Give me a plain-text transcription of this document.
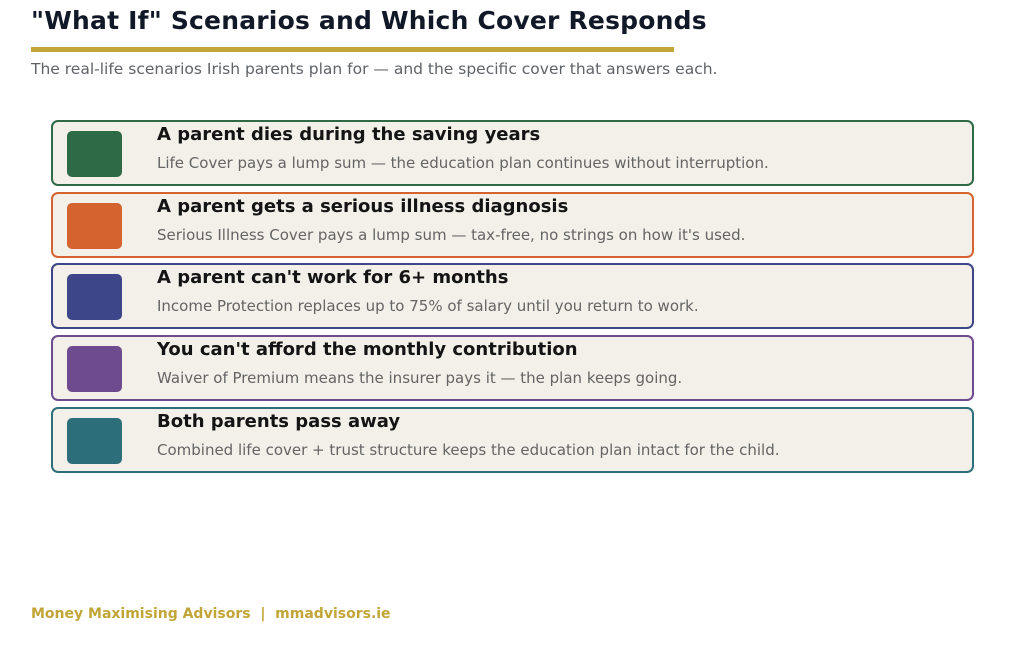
"What If" Scenarios and Which Cover Responds
The real-life scenarios Irish parents plan for — and the specific cover that answers each.
A parent dies during the saving years
Life Cover pays a lump sum — the education plan continues without interruption.
A parent gets a serious illness diagnosis
Serious Illness Cover pays a lump sum — tax-free, no strings on how it's used.
A parent can't work for 6+ months
Income Protection replaces up to 75% of salary until you return to work.
You can't afford the monthly contribution
Waiver of Premium means the insurer pays it — the plan keeps going.
Both parents pass away
Combined life cover + trust structure keeps the education plan intact for the child.
Money Maximising Advisors  |  mmadvisors.ie
